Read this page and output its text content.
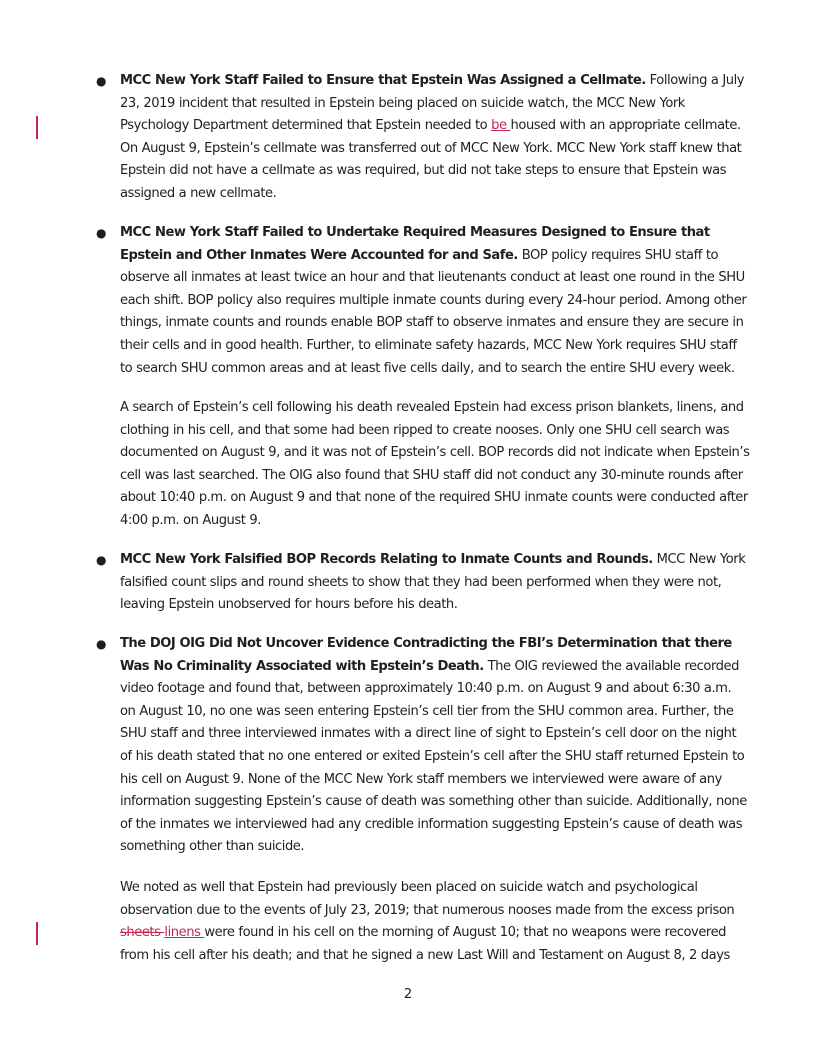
● MCC New York Staff Failed to Ensure that Epstein Was Assigned a Cellmate. Following a July 23, 2019 incident that resulted in Epstein being placed on suicide watch, the MCC New York Psychology Department determined that Epstein needed to be housed with an appropriate cellmate. On August 9, Epstein’s cellmate was transferred out of MCC New York. MCC New York staff knew that Epstein did not have a cellmate as was required, but did not take steps to ensure that Epstein was assigned a new cellmate.
● MCC New York Staff Failed to Undertake Required Measures Designed to Ensure that Epstein and Other Inmates Were Accounted for and Safe. BOP policy requires SHU staff to observe all inmates at least twice an hour and that lieutenants conduct at least one round in the SHU each shift. BOP policy also requires multiple inmate counts during every 24-hour period. Among other things, inmate counts and rounds enable BOP staff to observe inmates and ensure they are secure in their cells and in good health. Further, to eliminate safety hazards, MCC New York requires SHU staff to search SHU common areas and at least five cells daily, and to search the entire SHU every week.
A search of Epstein’s cell following his death revealed Epstein had excess prison blankets, linens, and clothing in his cell, and that some had been ripped to create nooses. Only one SHU cell search was documented on August 9, and it was not of Epstein’s cell. BOP records did not indicate when Epstein’s cell was last searched. The OIG also found that SHU staff did not conduct any 30-minute rounds after about 10:40 p.m. on August 9 and that none of the required SHU inmate counts were conducted after 4:00 p.m. on August 9.
● MCC New York Falsified BOP Records Relating to Inmate Counts and Rounds. MCC New York falsified count slips and round sheets to show that they had been performed when they were not, leaving Epstein unobserved for hours before his death.
● The DOJ OIG Did Not Uncover Evidence Contradicting the FBI’s Determination that there Was No Criminality Associated with Epstein’s Death. The OIG reviewed the available recorded video footage and found that, between approximately 10:40 p.m. on August 9 and about 6:30 a.m. on August 10, no one was seen entering Epstein’s cell tier from the SHU common area. Further, the SHU staff and three interviewed inmates with a direct line of sight to Epstein’s cell door on the night of his death stated that no one entered or exited Epstein’s cell after the SHU staff returned Epstein to his cell on August 9. None of the MCC New York staff members we interviewed were aware of any information suggesting Epstein’s cause of death was something other than suicide. Additionally, none of the inmates we interviewed had any credible information suggesting Epstein’s cause of death was something other than suicide.
We noted as well that Epstein had previously been placed on suicide watch and psychological observation due to the events of July 23, 2019; that numerous nooses made from the excess prison sheets linens were found in his cell on the morning of August 10; that no weapons were recovered from his cell after his death; and that he signed a new Last Will and Testament on August 8, 2 days
2
